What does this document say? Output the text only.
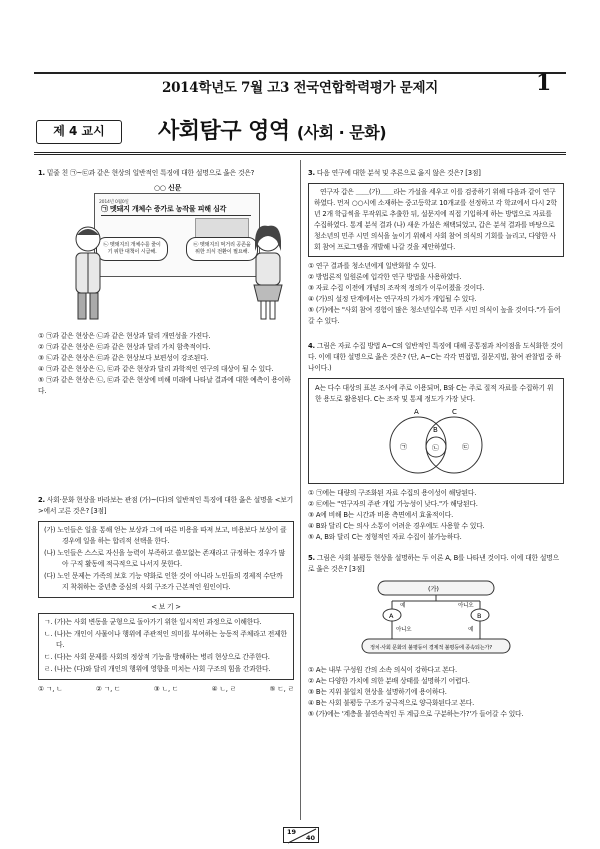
2014학년도 7월 고3 전국연합학력평가 문제지	1
제 4 교시	사회탐구 영역 (사회 · 문화)
1. 밑줄 친 ㉠~㉢과 같은 현상의 일반적인 특징에 대한 설명으로 옳은 것은?
2014년 0월0일
㉠ 멧돼지 개체수 증가로 농작물 피해 심각
○○ 신문
㉡ 멧돼지의 개체수를 줄이기 위한 대책이 시급해.
㉢ 멧돼지의 먹거리 공존을 위한 의식 전환이 필요해.
① ㉠과 같은 현상은 ㉡과 같은 현상과 달리 개연성을 가진다.
② ㉠과 같은 현상은 ㉢과 같은 현상과 달리 가치 함축적이다.
③ ㉡과 같은 현상은 ㉢과 같은 현상보다 보편성이 강조된다.
④ ㉠과 같은 현상은 ㉡, ㉢과 같은 현상과 달리 과학적인 연구의 대상이 될 수 있다.
⑤ ㉠과 같은 현상은 ㉡, ㉢과 같은 현상에 비해 미래에 나타날 결과에 대한 예측이 용이하다.
2. 사회·문화 현상을 바라보는 관점 (가)~(다)의 일반적인 특징에 대한 옳은 설명을 <보기>에서 고른 것은? [3점]
(가) 노인들은 일을 통해 얻는 보상과 그에 따른 비용을 따져 보고, 비용보다 보상이 클 경우에 일을 하는 합리적 선택을 한다.
(나) 노인들은 스스로 자신을 능력이 부족하고 쓸모없는 존재라고 규정하는 경우가 많아 구직 활동에 적극적으로 나서지 못한다.
(다) 노인 문제는 가족의 보호 기능 약화로 인한 것이 아니라 노인들의 경제적 수단까지 착취하는 중년층 중심의 사회 구조가 근본적인 원인이다.
< 보 기 >
ㄱ. (가)는 사회 변동을 균형으로 돌아가기 위한 일시적인 과정으로 이해한다.
ㄴ. (나)는 개인이 사물이나 행위에 주관적인 의미를 부여하는 능동적 주체라고 전제한다.
ㄷ. (다)는 사회 문제를 사회의 정상적 기능을 방해하는 병리 현상으로 간주한다.
ㄹ. (나)는 (다)와 달리 개인의 행위에 영향을 미치는 사회 구조의 힘을 간과한다.
① ㄱ, ㄴ	② ㄱ, ㄷ	③ ㄴ, ㄷ	④ ㄴ, ㄹ	⑤ ㄷ, ㄹ
3. 다음 연구에 대한 분석 및 추론으로 옳지 않은 것은? [3점]
연구자 갑은 ＿＿(가)＿＿라는 가설을 세우고 이를 검증하기 위해 다음과 같이 연구하였다. 먼저 ○○시에 소재하는 중고등학교 10개교를 선정하고 각 학교에서 다시 2학년 2개 학급씩을 무작위로 추출한 뒤, 설문지에 직접 기입하게 하는 방법으로 자료를 수집하였다. 통계 분석 결과 (나) 새운 가설은 채택되었고, 갑은 분석 결과를 바탕으로 청소년의 민주 시민 의식을 높이기 위해서 사회 참여 의식의 기회를 늘리고, 다양한 사회 참여 프로그램을 개발해 나갈 것을 제안하였다.
① 연구 결과를 청소년에게 일반화할 수 있다.
② 방법론적 일원론에 입각한 연구 방법을 사용하였다.
③ 자료 수집 이전에 개념의 조작적 정의가 이루어졌을 것이다.
④ (가)의 설정 단계에서는 연구자의 가치가 개입될 수 있다.
⑤ (가)에는 "사회 참여 경험이 많은 청소년일수록 민주 시민 의식이 높을 것이다."가 들어갈 수 있다.
4. 그림은 자료 수집 방법 A~C의 일반적인 특징에 대해 공통점과 차이점을 도식화한 것이다. 이에 대한 설명으로 옳은 것은? (단, A~C는 각각 면접법, 질문지법, 참여 관찰법 중 하나이다.)
A는 다수 대상의 표본 조사에 주로 이용되며, B와 C는 주로 질적 자료를 수집하기 위한 용도로 활용된다. C는 조작 및 통제 정도가 가장 낮다.
A
B
C
㉠	㉡	㉢
① ㉠에는 대량의 구조화된 자료 수집의 용이성이 해당된다.
② ㉢에는 "연구자의 주관 개입 가능성이 낮다."가 해당된다.
③ A에 비해 B는 시간과 비용 측면에서 효율적이다.
④ B와 달리 C는 의사 소통이 어려운 경우에도 사용할 수 있다.
⑤ A, B와 달리 C는 정형적인 자료 수집이 불가능하다.
5. 그림은 사회 불평등 현상을 설명하는 두 이론 A, B를 나타낸 것이다. 이에 대한 설명으로 옳은 것은? [3점]
(가)
예	아니오
A	B
아니오	예
정치·사회 문화의 불평등이 경제적 불평등에 종속되는가?
① A는 내부 구성원 간의 소속 의식이 강하다고 본다.
② A는 다양한 가치에 의한 분배 상태를 설명하기 어렵다.
③ B는 지위 불일치 현상을 설명하기에 용이하다.
④ B는 사회 불평등 구조가 궁극적으로 양극화된다고 본다.
⑤ (가)에는 '계층을 불연속적인 두 계급으로 구분하는가?'가 들어갈 수 있다.
19
40
